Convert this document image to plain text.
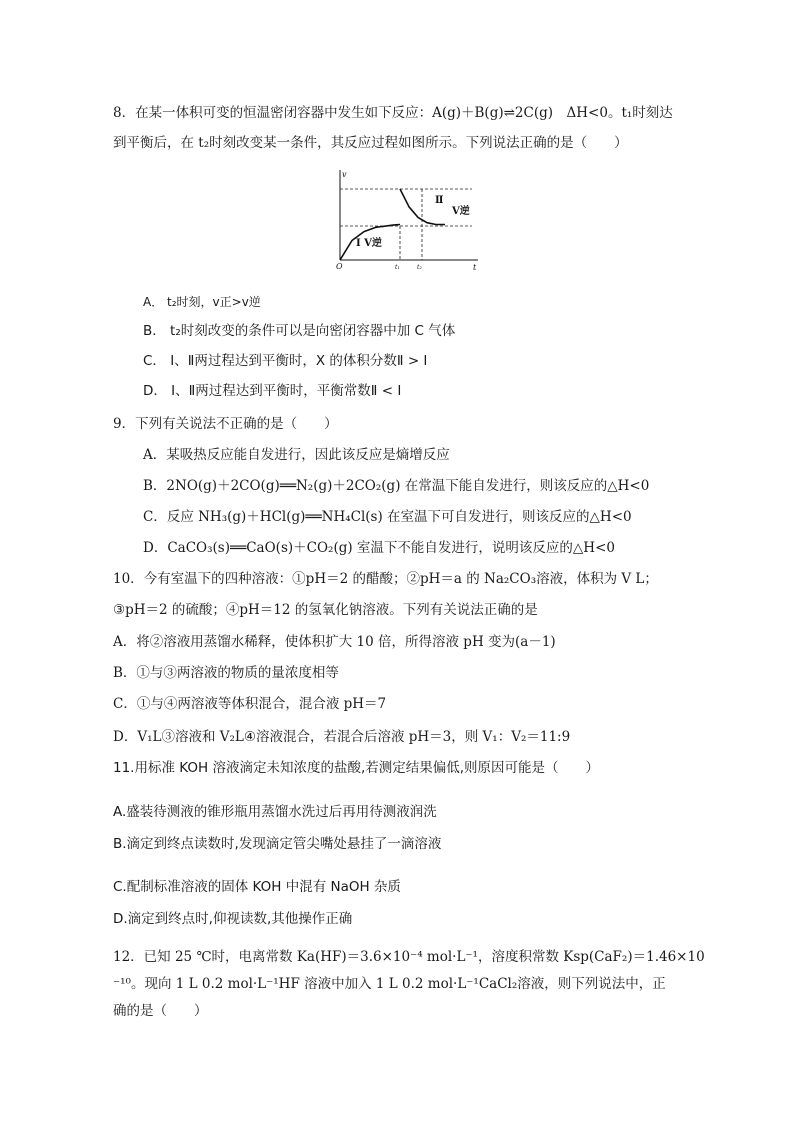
8．在某一体积可变的恒温密闭容器中发生如下反应：A(g)＋B(g)⇌2C(g)　ΔH<0。t₁时刻达
到平衡后，在 t₂时刻改变某一条件，其反应过程如图所示。下列说法正确的是（　　）
v
t
O	t₁	t₂
Ⅰ V逆
Ⅱ
V逆
A． t₂时刻，v正>v逆
B． t₂时刻改变的条件可以是向密闭容器中加 C 气体
C． Ⅰ、Ⅱ两过程达到平衡时，X 的体积分数Ⅱ > Ⅰ
D． Ⅰ、Ⅱ两过程达到平衡时，平衡常数Ⅱ < Ⅰ
9．下列有关说法不正确的是（　　）
A．某吸热反应能自发进行，因此该反应是熵增反应
B．2NO(g)＋2CO(g)══N₂(g)＋2CO₂(g) 在常温下能自发进行，则该反应的△H<0
C．反应 NH₃(g)＋HCl(g)══NH₄Cl(s) 在室温下可自发进行，则该反应的△H<0
D．CaCO₃(s)══CaO(s)＋CO₂(g) 室温下不能自发进行，说明该反应的△H<0
10．今有室温下的四种溶液：①pH＝2 的醋酸；②pH＝a 的 Na₂CO₃溶液，体积为 V L；
③pH＝2 的硫酸；④pH＝12 的氢氧化钠溶液。下列有关说法正确的是
A．将②溶液用蒸馏水稀释，使体积扩大 10 倍，所得溶液 pH 变为(a－1)
B．①与③两溶液的物质的量浓度相等
C．①与④两溶液等体积混合，混合液 pH＝7
D．V₁L③溶液和 V₂L④溶液混合，若混合后溶液 pH＝3，则 V₁：V₂＝11:9
11.用标准 KOH 溶液滴定未知浓度的盐酸,若测定结果偏低,则原因可能是（　　）
A.盛装待测液的锥形瓶用蒸馏水洗过后再用待测液润洗
B.滴定到终点读数时,发现滴定管尖嘴处悬挂了一滴溶液
C.配制标准溶液的固体 KOH 中混有 NaOH 杂质
D.滴定到终点时,仰视读数,其他操作正确
12．已知 25 ℃时，电离常数 Ka(HF)＝3.6×10⁻⁴ mol·L⁻¹，溶度积常数 Ksp(CaF₂)＝1.46×10
⁻¹⁰。现向 1 L 0.2 mol·L⁻¹HF 溶液中加入 1 L 0.2 mol·L⁻¹CaCl₂溶液，则下列说法中，正
确的是（　　）
